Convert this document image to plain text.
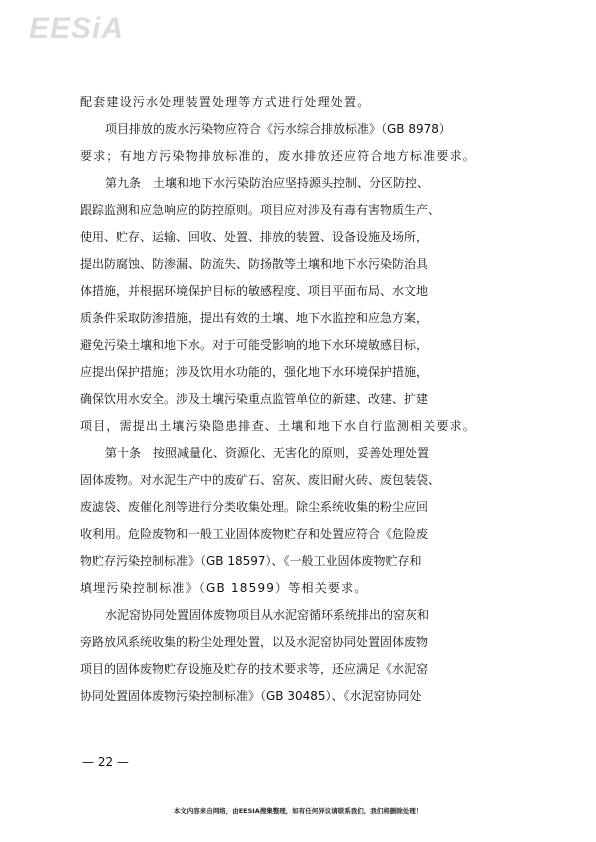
EESiA
配套建设污水处理装置处理等方式进行处理处置。
项目排放的废水污染物应符合《污水综合排放标准》（GB 8978）
要求；有地方污染物排放标准的，废水排放还应符合地方标准要求。
第九条　土壤和地下水污染防治应坚持源头控制、分区防控、
跟踪监测和应急响应的防控原则。项目应对涉及有毒有害物质生产、
使用、贮存、运输、回收、处置、排放的装置、设备设施及场所，
提出防腐蚀、防渗漏、防流失、防扬散等土壤和地下水污染防治具
体措施，并根据环境保护目标的敏感程度、项目平面布局、水文地
质条件采取防渗措施，提出有效的土壤、地下水监控和应急方案，
避免污染土壤和地下水。对于可能受影响的地下水环境敏感目标，
应提出保护措施；涉及饮用水功能的，强化地下水环境保护措施，
确保饮用水安全。涉及土壤污染重点监管单位的新建、改建、扩建
项目，需提出土壤污染隐患排查、土壤和地下水自行监测相关要求。
第十条　按照减量化、资源化、无害化的原则，妥善处理处置
固体废物。对水泥生产中的废矿石、窑灰、废旧耐火砖、废包装袋、
废滤袋、废催化剂等进行分类收集处理。除尘系统收集的粉尘应回
收利用。危险废物和一般工业固体废物贮存和处置应符合《危险废
物贮存污染控制标准》（GB 18597）、《一般工业固体废物贮存和
填埋污染控制标准》（GB 18599）等相关要求。
水泥窑协同处置固体废物项目从水泥窑循环系统排出的窑灰和
旁路放风系统收集的粉尘处理处置，以及水泥窑协同处置固体废物
项目的固体废物贮存设施及贮存的技术要求等，还应满足《水泥窑
协同处置固体废物污染控制标准》（GB 30485）、《水泥窑协同处
— 22 —
本文内容来自网络，由EESIA搜集整理，如有任何异议请联系我们，我们将删除处理！
